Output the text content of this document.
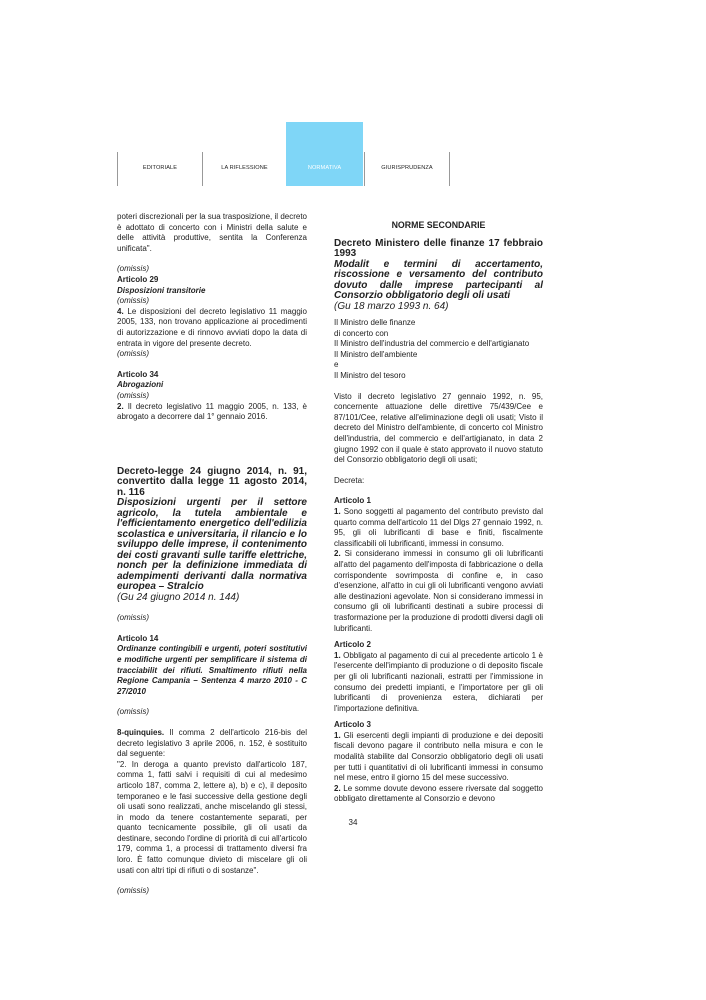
EDITORIALE	LA RIFLESSIONE	NORMATIVA	GIURISPRUDENZA

poteri discrezionali per la sua trasposizione, il decreto è adottato di concerto con i Ministri della salute e delle attività produttive, sentita la Conferenza unificata".

(omissis)

Articolo 29

Disposizioni transitorie

(omissis)

4. Le disposizioni del decreto legislativo 11 maggio 2005, 133, non trovano applicazione ai procedimenti di autorizzazione e di rinnovo avviati dopo la data di entrata in vigore del presente decreto.

(omissis)

Articolo 34

Abrogazioni

(omissis)

2. Il decreto legislativo 11 maggio 2005, n. 133, è abrogato a decorrere dal 1° gennaio 2016.

Decreto-legge 24 giugno 2014, n. 91, convertito dalla legge 11 agosto 2014, n. 116

Disposizioni urgenti per il settore agricolo, la tutela ambientale e l'efficientamento energetico dell'edilizia scolastica e universitaria, il rilancio e lo sviluppo delle imprese, il contenimento dei costi gravanti sulle tariffe elettriche, nonch per la definizione immediata di adempimenti derivanti dalla normativa europea – Stralcio

(Gu 24 giugno 2014 n. 144)

(omissis)

Articolo 14

Ordinanze contingibili e urgenti, poteri sostitutivi e modifiche urgenti per semplificare il sistema di tracciabilit dei rifiuti. Smaltimento rifiuti nella Regione Campania – Sentenza 4 marzo 2010 - C 27/2010

(omissis)

8-quinquies. Il comma 2 dell'articolo 216-bis del decreto legislativo 3 aprile 2006, n. 152, è sostituito dal seguente:

"2. In deroga a quanto previsto dall'articolo 187, comma 1, fatti salvi i requisiti di cui al medesimo articolo 187, comma 2, lettere a), b) e c), il deposito temporaneo e le fasi successive della gestione degli oli usati sono realizzati, anche miscelando gli stessi, in modo da tenere costantemente separati, per quanto tecnicamente possibile, gli oli usati da destinare, secondo l'ordine di priorità di cui all'articolo 179, comma 1, a processi di trattamento diversi fra loro. È fatto comunque divieto di miscelare gli oli usati con altri tipi di rifiuti o di sostanze".

(omissis)

NORME SECONDARIE

Decreto Ministero delle finanze 17 febbraio 1993

Modalit e termini di accertamento, riscossione e versamento del contributo dovuto dalle imprese partecipanti al Consorzio obbligatorio degli oli usati

(Gu 18 marzo 1993 n. 64)

Il Ministro delle finanze

di concerto con

Il Ministro dell'industria del commercio e dell'artigianato

Il Ministro dell'ambiente

e

Il Ministro del tesoro

Visto il decreto legislativo 27 gennaio 1992, n. 95, concernente attuazione delle direttive 75/439/Cee e 87/101/Cee, relative all'eliminazione degli oli usati; Visto il decreto del Ministro dell'ambiente, di concerto col Ministro dell'industria, del commercio e dell'artigianato, in data 2 giugno 1992 con il quale è stato approvato il nuovo statuto del Consorzio obbligatorio degli oli usati;

Decreta:

Articolo 1

1. Sono soggetti al pagamento del contributo previsto dal quarto comma dell'articolo 11 del Dlgs 27 gennaio 1992, n. 95, gli oli lubrificanti di base e finiti, fiscalmente classificabili oli lubrificanti, immessi in consumo.

2. Si considerano immessi in consumo gli oli lubrificanti all'atto del pagamento dell'imposta di fabbricazione o della corrispondente sovrimposta di confine e, in caso d'esenzione, all'atto in cui gli oli lubrificanti vengono avviati alle destinazioni agevolate. Non si considerano immessi in consumo gli oli lubrificanti destinati a subire processi di trasformazione per la produzione di prodotti diversi dagli oli lubrificanti.

Articolo 2

1. Obbligato al pagamento di cui al precedente articolo 1 è l'esercente dell'impianto di produzione o di deposito fiscale per gli oli lubrificanti nazionali, estratti per l'immissione in consumo dei predetti impianti, e l'importatore per gli oli lubrificanti di provenienza estera, dichiarati per l'importazione definitiva.

Articolo 3

1. Gli esercenti degli impianti di produzione e dei depositi fiscali devono pagare il contributo nella misura e con le modalità stabilite dal Consorzio obbligatorio degli oli usati per tutti i quantitativi di oli lubrificanti immessi in consumo nel mese, entro il giorno 15 del mese successivo.

2. Le somme dovute devono essere riversate dal soggetto obbligato direttamente al Consorzio e devono

34
